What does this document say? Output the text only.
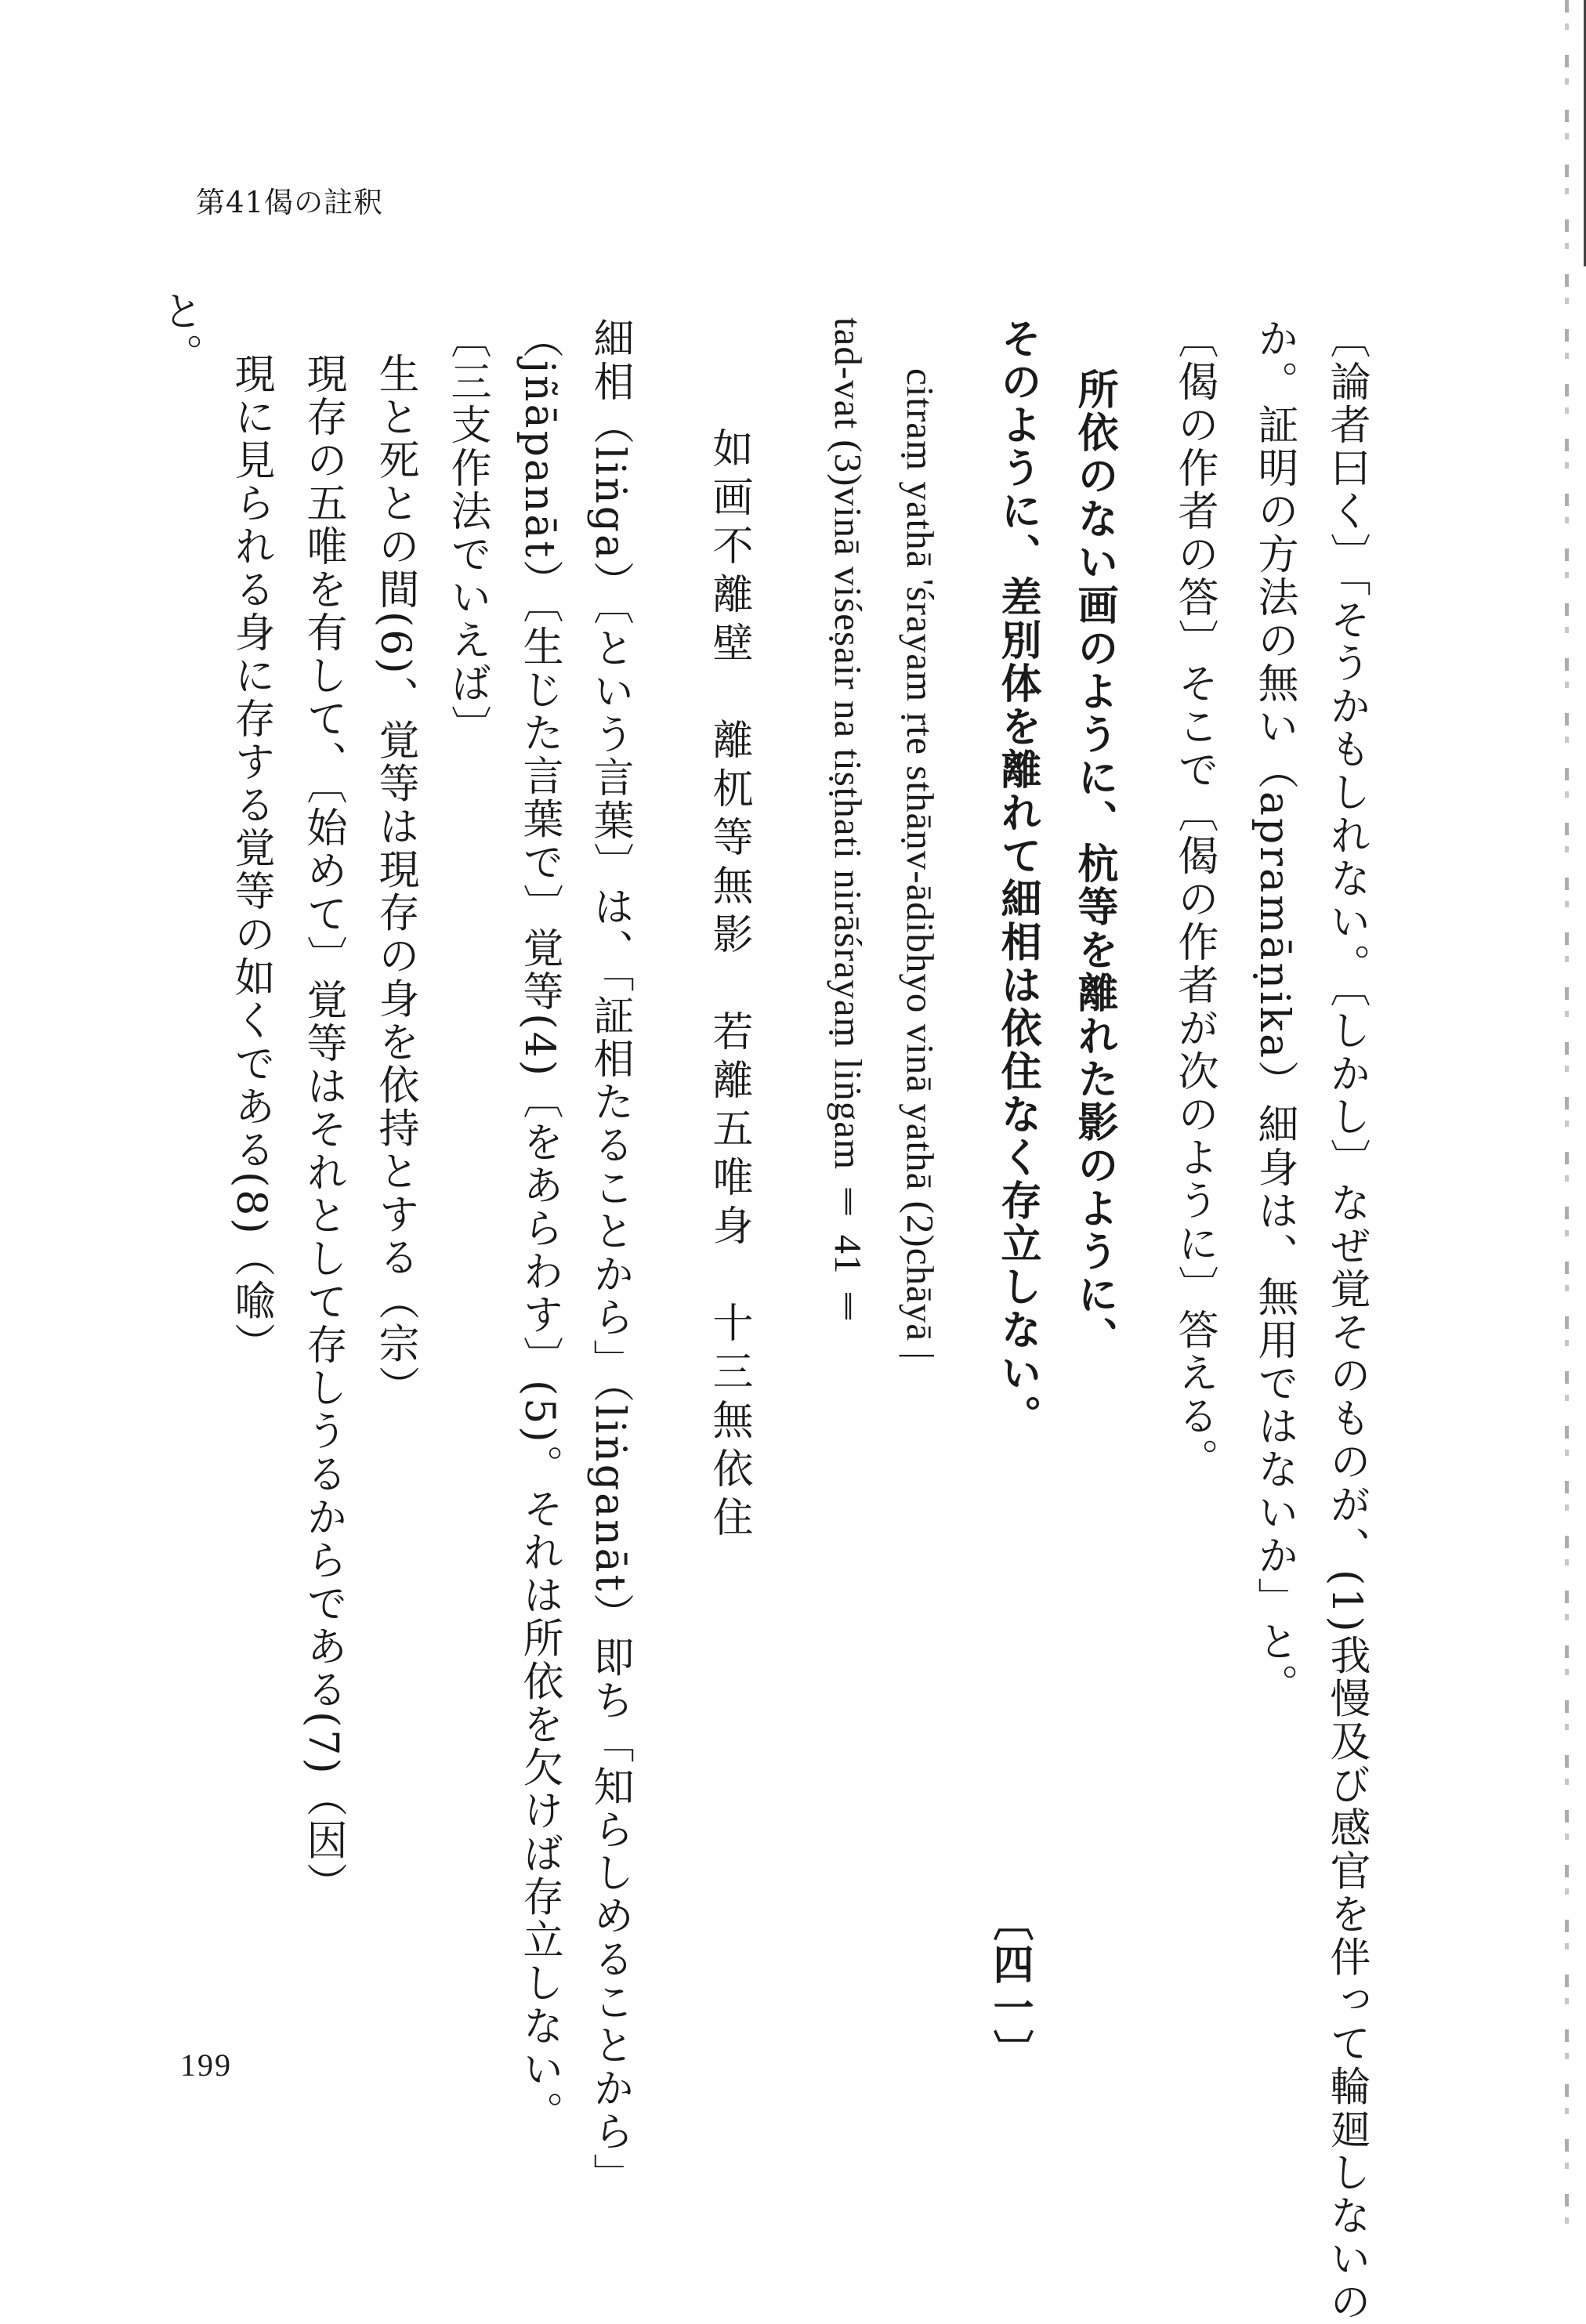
第41偈の註釈
〔論者曰く〕「そうかもしれない。〔しかし〕なぜ覚そのものが、(1)我慢及び感官を伴って輪廻しないの
か。証明の方法の無い（apramāṇika）細身は、無用ではないか」と。
〔偈の作者の答〕そこで〔偈の作者が次のように〕答える。
所依のない画のように、杭等を離れた影のように、
〔四一〕
そのように、差別体を離れて細相は依住なく存立しない。
citraṃ yathā 'śrayam ṛte sthāṇv-ādibhyo vinā yathā (2)chāyā |
tad-vat (3)vinā viśeṣair na tiṣṭhati nirāśrayaṃ liṅgam ‖ 41 ‖
如画不離壁　離杌等無影　若離五唯身　十三無依住
細相（liṅga）〔という言葉〕は、「証相たることから」（liṅganāt）即ち「知らしめることから」
（jñāpanāt）〔生じた言葉で〕覚等(4)〔をあらわす〕(5)。それは所依を欠けば存立しない。
〔三支作法でいえば〕
生と死との間(6)、覚等は現存の身を依持とする（宗）
現存の五唯を有して、〔始めて〕覚等はそれとして存しうるからである(7)（因）
現に見られる身に存する覚等の如くである(8)（喩）
と。
199
